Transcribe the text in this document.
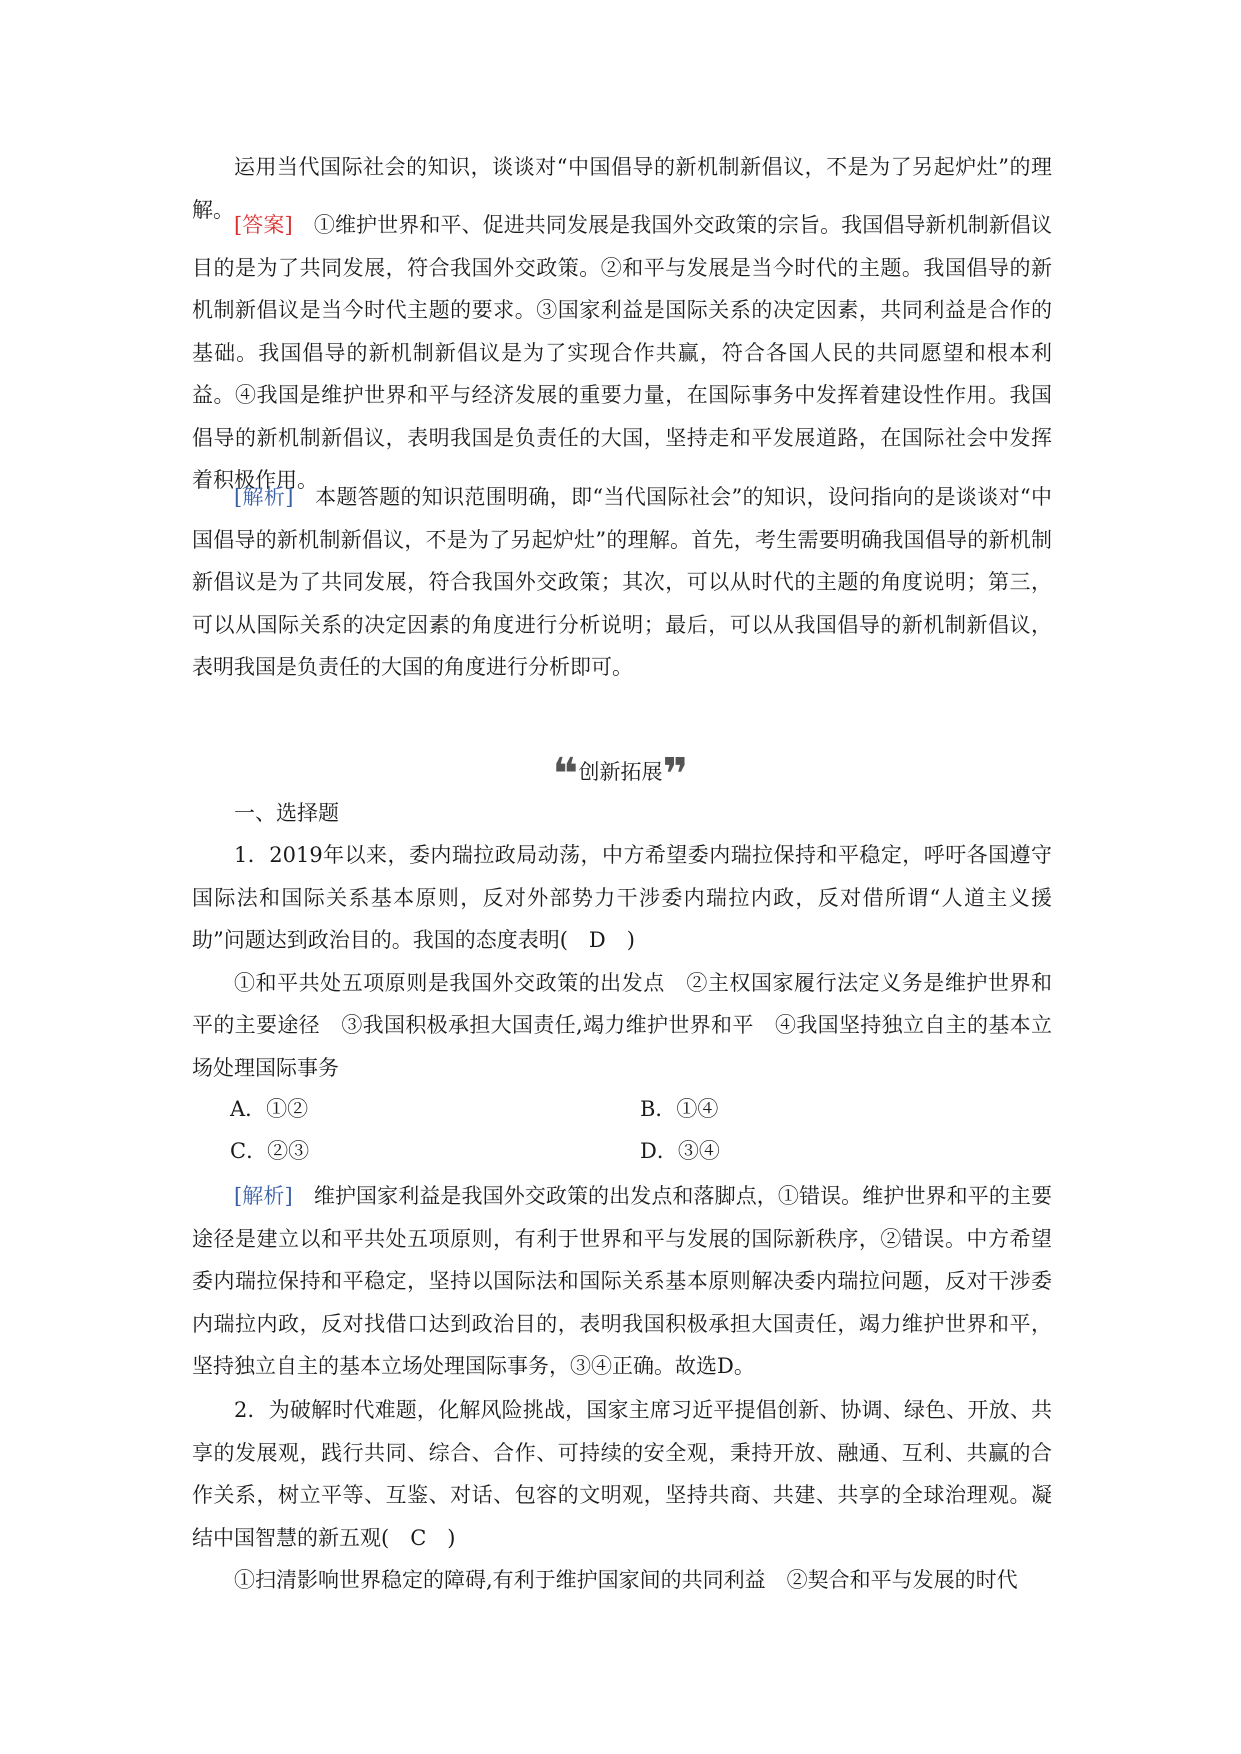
运用当代国际社会的知识，谈谈对“中国倡导的新机制新倡议，不是为了另起炉灶”的理解。

[答案]　 ①维护世界和平、促进共同发展是我国外交政策的宗旨。我国倡导新机制新倡议目的是为了共同发展，符合我国外交政策。②和平与发展是当今时代的主题。我国倡导的新机制新倡议是当今时代主题的要求。③国家利益是国际关系的决定因素，共同利益是合作的基础。我国倡导的新机制新倡议是为了实现合作共赢，符合各国人民的共同愿望和根本利益。④我国是维护世界和平与经济发展的重要力量，在国际事务中发挥着建设性作用。我国倡导的新机制新倡议，表明我国是负责任的大国，坚持走和平发展道路，在国际社会中发挥着积极作用。

[解析]　 本题答题的知识范围明确，即“当代国际社会”的知识，设问指向的是谈谈对“中国倡导的新机制新倡议，不是为了另起炉灶”的理解。首先，考生需要明确我国倡导的新机制新倡议是为了共同发展，符合我国外交政策；其次，可以从时代的主题的角度说明；第三，可以从国际关系的决定因素的角度进行分析说明；最后，可以从我国倡导的新机制新倡议，表明我国是负责任的大国的角度进行分析即可。

❝创新拓展❞

一、选择题

1．2019年以来，委内瑞拉政局动荡，中方希望委内瑞拉保持和平稳定，呼吁各国遵守国际法和国际关系基本原则，反对外部势力干涉委内瑞拉内政，反对借所谓“人道主义援助”问题达到政治目的。我国的态度表明(　D　)

①和平共处五项原则是我国外交政策的出发点　②主权国家履行法定义务是维护世界和平的主要途径　③我国积极承担大国责任,竭力维护世界和平　④我国坚持独立自主的基本立场处理国际事务

A．①②	B．①④
C．②③	D．③④

[解析]　 维护国家利益是我国外交政策的出发点和落脚点，①错误。维护世界和平的主要途径是建立以和平共处五项原则，有利于世界和平与发展的国际新秩序，②错误。中方希望委内瑞拉保持和平稳定，坚持以国际法和国际关系基本原则解决委内瑞拉问题，反对干涉委内瑞拉内政，反对找借口达到政治目的，表明我国积极承担大国责任，竭力维护世界和平，坚持独立自主的基本立场处理国际事务，③④正确。故选D。

2．为破解时代难题，化解风险挑战，国家主席习近平提倡创新、协调、绿色、开放、共享的发展观，践行共同、综合、合作、可持续的安全观，秉持开放、融通、互利、共赢的合作关系，树立平等、互鉴、对话、包容的文明观，坚持共商、共建、共享的全球治理观。凝结中国智慧的新五观(　C　)

①扫清影响世界稳定的障碍,有利于维护国家间的共同利益　②契合和平与发展的时代
